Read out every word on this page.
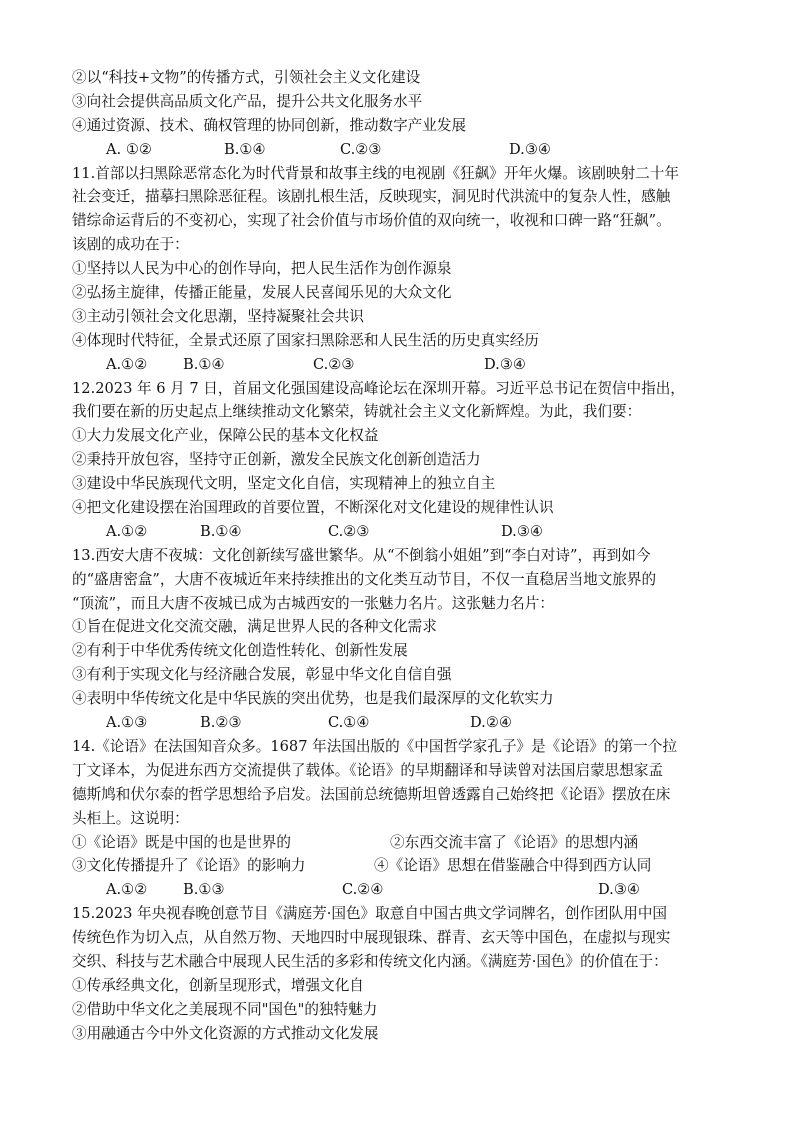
②以“科技+文物”的传播方式，引领社会主义文化建设
③向社会提供高品质文化产品，提升公共文化服务水平
④通过资源、技术、确权管理的协同创新，推动数字产业发展
A. ①②	B.①④	C.②③	D.③④
11.首部以扫黑除恶常态化为时代背景和故事主线的电视剧《狂飙》开年火爆。该剧映射二十年
社会变迁，描摹扫黑除恶征程。该剧扎根生活，反映现实，洞见时代洪流中的复杂人性，感触
错综命运背后的不变初心，实现了社会价值与市场价值的双向统一，收视和口碑一路“狂飙”。
该剧的成功在于：
①坚持以人民为中心的创作导向，把人民生活作为创作源泉
②弘扬主旋律，传播正能量，发展人民喜闻乐见的大众文化
③主动引领社会文化思潮，坚持凝聚社会共识
④体现时代特征，全景式还原了国家扫黑除恶和人民生活的历史真实经历
A.①② B.①④	C.②③	D.③④
12.2023 年 6 月 7 日，首届文化强国建设高峰论坛在深圳开幕。习近平总书记在贺信中指出，
我们要在新的历史起点上继续推动文化繁荣，铸就社会主义文化新辉煌。为此，我们要：
①大力发展文化产业，保障公民的基本文化权益
②秉持开放包容，坚持守正创新，激发全民族文化创新创造活力
③建设中华民族现代文明，坚定文化自信，实现精神上的独立自主
④把文化建设摆在治国理政的首要位置，不断深化对文化建设的规律性认识
A.①②	B.①④	C.②③	D.③④
13.西安大唐不夜城：文化创新续写盛世繁华。从“不倒翁小姐姐”到“李白对诗”，再到如今
的“盛唐密盒”，大唐不夜城近年来持续推出的文化类互动节目，不仅一直稳居当地文旅界的
“顶流”，而且大唐不夜城已成为古城西安的一张魅力名片。这张魅力名片：
①旨在促进文化交流交融，满足世界人民的各种文化需求
②有利于中华优秀传统文化创造性转化、创新性发展
③有利于实现文化与经济融合发展，彰显中华文化自信自强
④表明中华传统文化是中华民族的突出优势，也是我们最深厚的文化软实力
A.①③	B.②③	C.①④	D.②④
14.《论语》在法国知音众多。1687 年法国出版的《中国哲学家孔子》是《论语》的第一个拉
丁文译本，为促进东西方交流提供了载体。《论语》的早期翻译和导读曾对法国启蒙思想家孟
德斯鸠和伏尔泰的哲学思想给予启发。法国前总统德斯坦曾透露自己始终把《论语》摆放在床
头柜上。这说明：
①《论语》既是中国的也是世界的	②东西交流丰富了《论语》的思想内涵
③文化传播提升了《论语》的影响力	④《论语》思想在借鉴融合中得到西方认同
A.①② B.①③	C.②④	D.③④
15.2023 年央视春晚创意节目《满庭芳·国色》取意自中国古典文学词牌名，创作团队用中国
传统色作为切入点，从自然万物、天地四时中展现银珠、群青、玄天等中国色，在虚拟与现实
交织、科技与艺术融合中展现人民生活的多彩和传统文化内涵。《满庭芳·国色》的价值在于：
①传承经典文化，创新呈现形式，增强文化自
②借助中华文化之美展现不同"国色"的独特魅力
③用融通古今中外文化资源的方式推动文化发展
